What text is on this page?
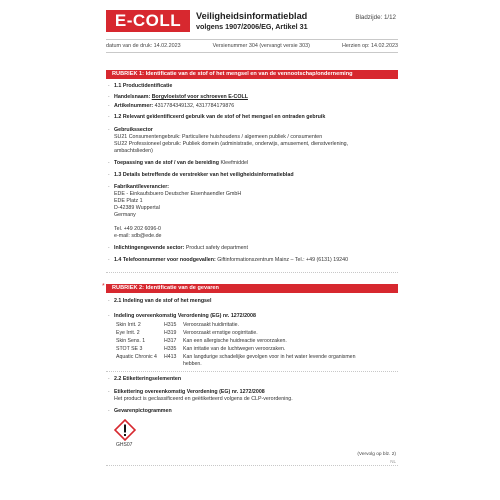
E-COLL	Veiligheidsinformatieblad
volgens 1907/2006/EG, Artikel 31
Bladzijde: 1/12
datum van de druk: 14.02.2023	Versienummer 304 (vervangt versie 303)	Herzien op: 14.02.2023
RUBRIEK 1: Identificatie van de stof of het mengsel en van de vennootschap/onderneming
· 1.1 Productidentificatie
· Handelsnaam: Borgvloeistof voor schroeven E-COLL
· Artikelnummer: 4317784349132, 4317784179876
· 1.2 Relevant geïdentificeerd gebruik van de stof of het mengsel en ontraden gebruik
· Gebruikssector
SU21 Consumentengebruik: Particuliere huishoudens / algemeen publiek / consumenten
SU22 Professioneel gebruik: Publiek domein (administratie, onderwijs, amusement, dienstverlening,
ambachtslieden)
· Toepassing van de stof / van de bereiding Kleefmiddel
· 1.3 Details betreffende de verstrekker van het veiligheidsinformatieblad
· Fabrikant/leverancier:
EDE - Einkaufsbuero Deutscher Eisenhaendler GmbH
EDE Platz 1
D-42389 Wuppertal
Germany
Tel. +49 202 6096-0
e-mail: sdb@ede.de
· Inlichtingengevende sector: Product safety department
· 1.4 Telefoonnummer voor noodgevallen: Giftinformationszentrum Mainz – Tel.: +49 (6131) 19240
*	RUBRIEK 2: Identificatie van de gevaren
· 2.1 Indeling van de stof of het mengsel
· Indeling overeenkomstig Verordening (EG) nr. 1272/2008
Skin Irrit. 2	H315 Veroorzaakt huidirritatie.
Eye Irrit. 2	H319 Veroorzaakt ernstige oogirritatie.
Skin Sens. 1	H317 Kan een allergische huidreactie veroorzaken.
STOT SE 3	H335 Kan irritatie van de luchtwegen veroorzaken.
Aquatic Chronic 4	H413 Kan langdurige schadelijke gevolgen voor in het water levende organismen
hebben.
· 2.2 Etiketteringselementen
· Etikettering overeenkomstig Verordening (EG) nr. 1272/2008
Het product is geclassificeerd en geëtiketteerd volgens de CLP-verordening.
· Gevarenpictogrammen
GHS07
(Vervolg op blz. 2)
NL
